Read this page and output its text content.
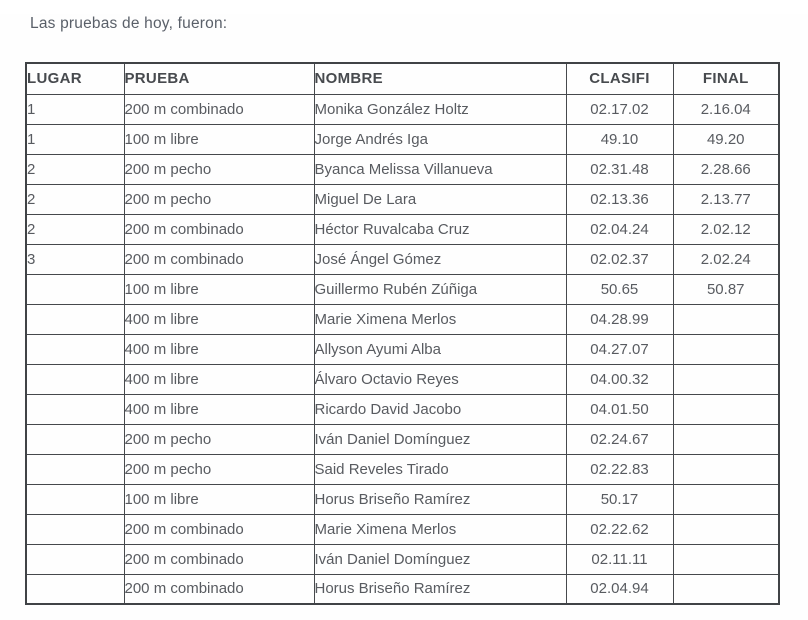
Las pruebas de hoy, fueron:

LUGAR	PRUEBA	NOMBRE	CLASIFI	FINAL
1	200 m combinado	Monika González Holtz	02.17.02	2.16.04
1	100 m libre	Jorge Andrés Iga	49.10	49.20
2	200 m pecho	Byanca Melissa Villanueva	02.31.48	2.28.66
2	200 m pecho	Miguel De Lara	02.13.36	2.13.77
2	200 m combinado	Héctor Ruvalcaba Cruz	02.04.24	2.02.12
3	200 m combinado	José Ángel Gómez	02.02.37	2.02.24
	100 m libre	Guillermo Rubén Zúñiga	50.65	50.87
	400 m libre	Marie Ximena Merlos	04.28.99	
	400 m libre	Allyson Ayumi Alba	04.27.07	
	400 m libre	Álvaro Octavio Reyes	04.00.32	
	400 m libre	Ricardo David Jacobo	04.01.50	
	200 m pecho	Iván Daniel Domínguez	02.24.67	
	200 m pecho	Said Reveles Tirado	02.22.83	
	100 m libre	Horus Briseño Ramírez	50.17	
	200 m combinado	Marie Ximena Merlos	02.22.62	
	200 m combinado	Iván Daniel Domínguez	02.11.11	
	200 m combinado	Horus Briseño Ramírez	02.04.94	
